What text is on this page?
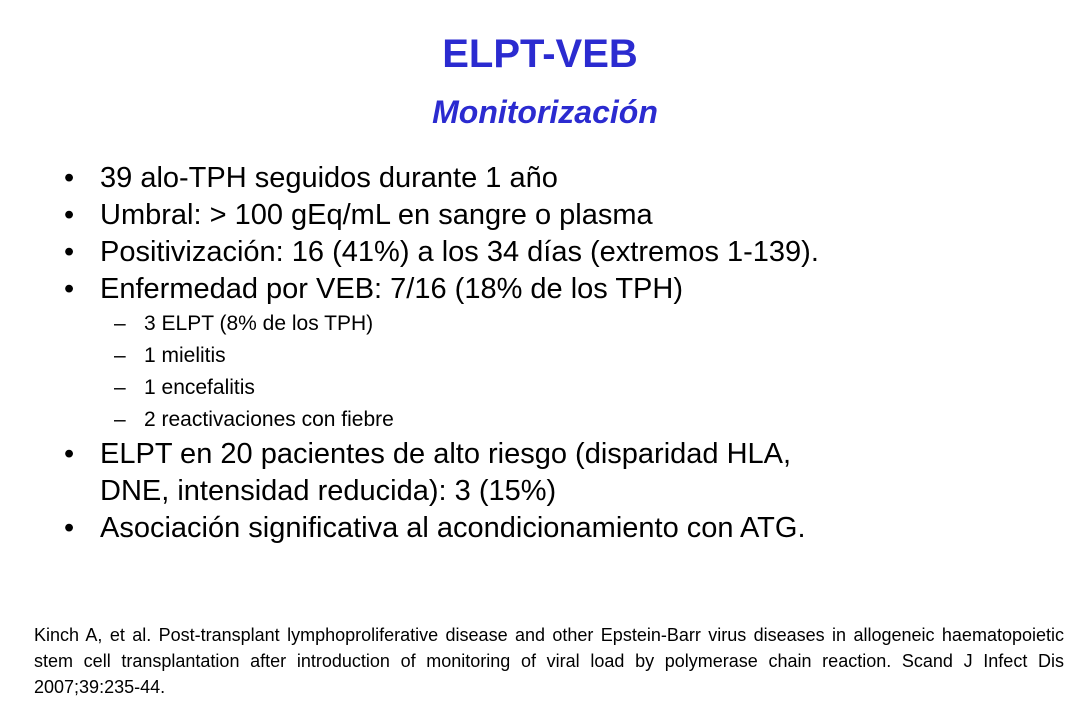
ELPT-VEB
Monitorización
• 39 alo-TPH seguidos durante 1 año
• Umbral: > 100 gEq/mL en sangre o plasma
• Positivización: 16 (41%) a los 34 días (extremos 1-139).
• Enfermedad por VEB: 7/16 (18% de los TPH)
– 3 ELPT (8% de los TPH)
– 1 mielitis
– 1 encefalitis
– 2 reactivaciones con fiebre
• ELPT en 20 pacientes de alto riesgo (disparidad HLA,
DNE, intensidad reducida): 3 (15%)
• Asociación significativa al acondicionamiento con ATG.
Kinch A, et al. Post-transplant lymphoproliferative disease and other Epstein-Barr virus diseases in allogeneic haematopoietic stem cell transplantation after introduction of monitoring of viral load by polymerase chain reaction. Scand J Infect Dis 2007;39:235-44.
